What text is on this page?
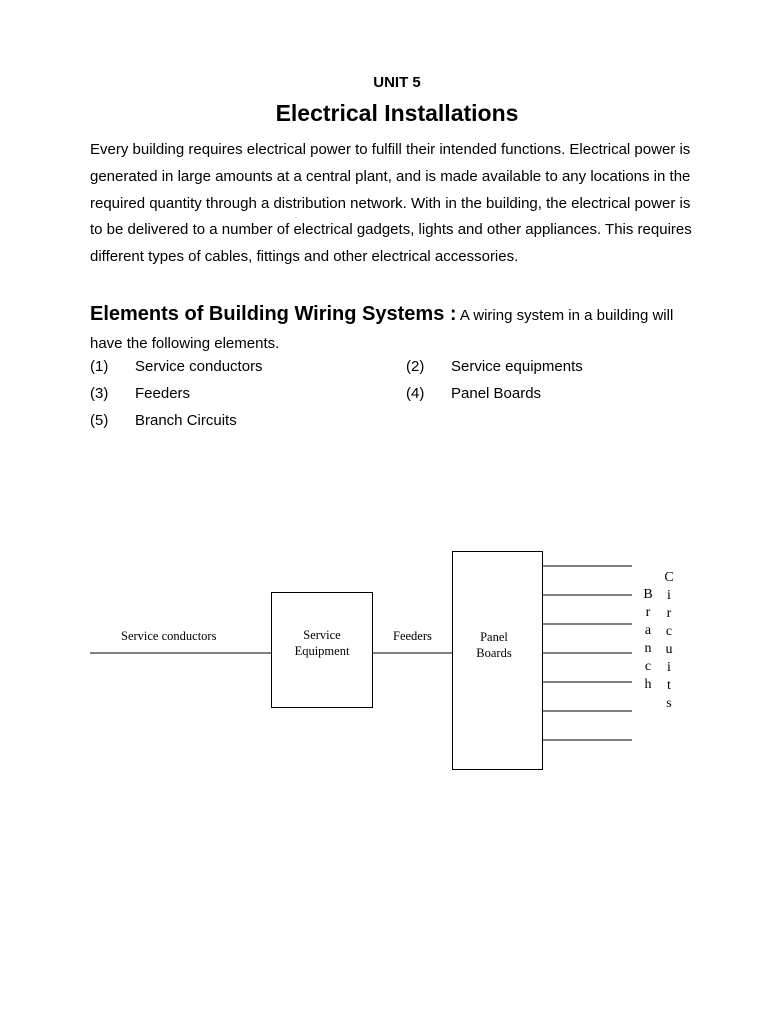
UNIT 5
Electrical Installations
Every building requires electrical power to fulfill their intended functions. Electrical power is generated in large amounts at a central plant, and is made available to any locations in the required quantity through a distribution network. With in the building, the electrical power is to be delivered to a number of electrical gadgets, lights and other appliances. This requires different types of cables, fittings and other electrical accessories.
Elements of Building Wiring Systems : A wiring system in a building will have the following elements.
(1) Service conductors	(2) Service equipments
(3) Feeders	(4) Panel Boards
(5) Branch Circuits
Service conductors	Service
Equipment
Feeders	Panel
Boards
B
r
a
n
c
h
C
i
r
c
u
i
t
s
